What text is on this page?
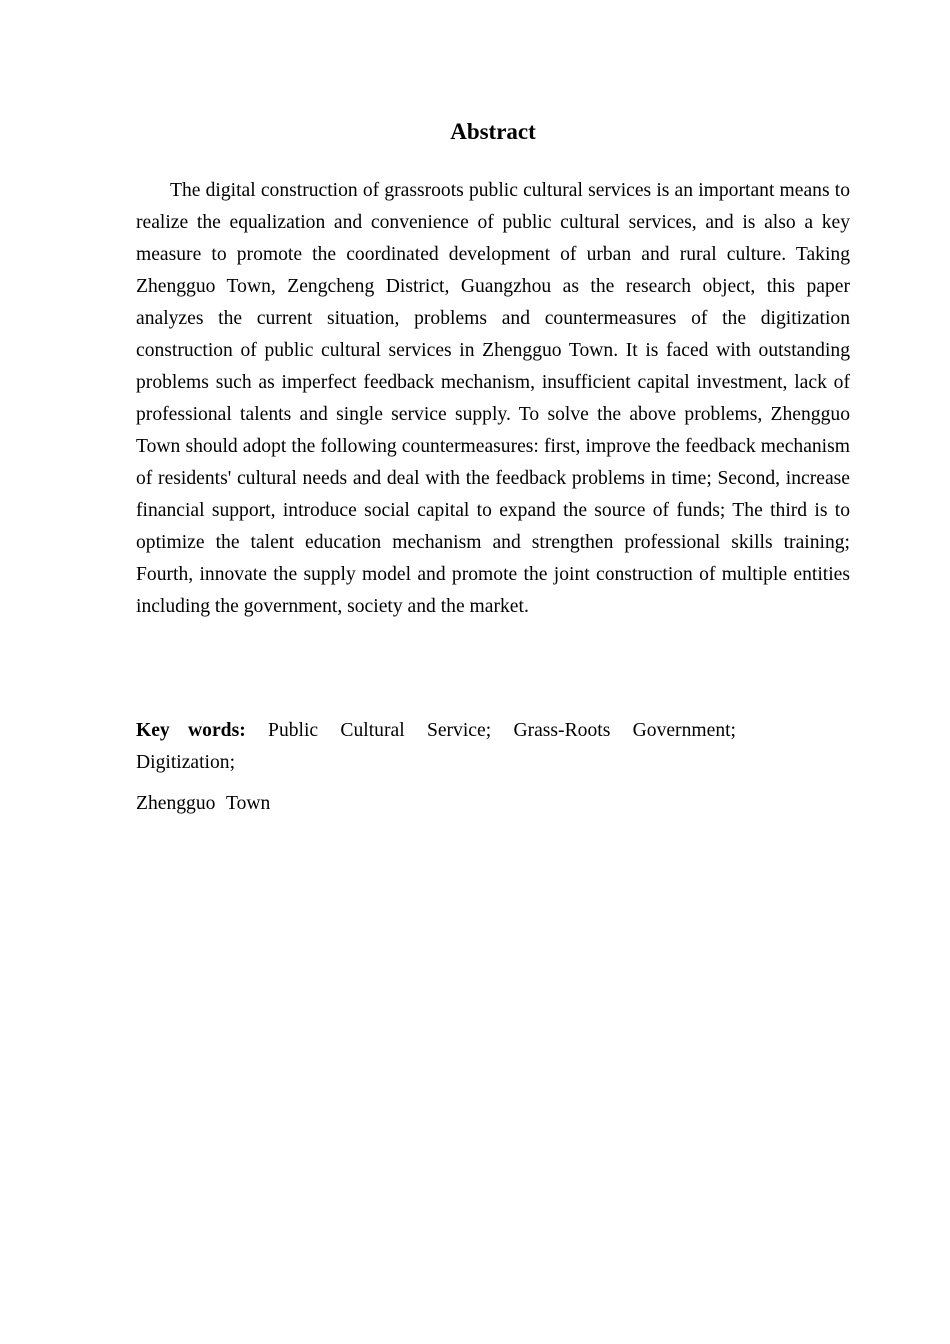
Abstract

The digital construction of grassroots public cultural services is an important means to realize the equalization and convenience of public cultural services, and is also a key measure to promote the coordinated development of urban and rural culture. Taking Zhengguo Town, Zengcheng District, Guangzhou as the research object, this paper analyzes the current situation, problems and countermeasures of the digitization construction of public cultural services in Zhengguo Town. It is faced with outstanding problems such as imperfect feedback mechanism, insufficient capital investment, lack of professional talents and single service supply. To solve the above problems, Zhengguo Town should adopt the following countermeasures: first, improve the feedback mechanism of residents' cultural needs and deal with the feedback problems in time; Second, increase financial support, introduce social capital to expand the source of funds; The third is to optimize the talent education mechanism and strengthen professional skills training; Fourth, innovate the supply model and promote the joint construction of multiple entities including the government, society and the market.

Key words: Public Cultural Service; Grass-Roots Government; Digitization;

Zhengguo Town
